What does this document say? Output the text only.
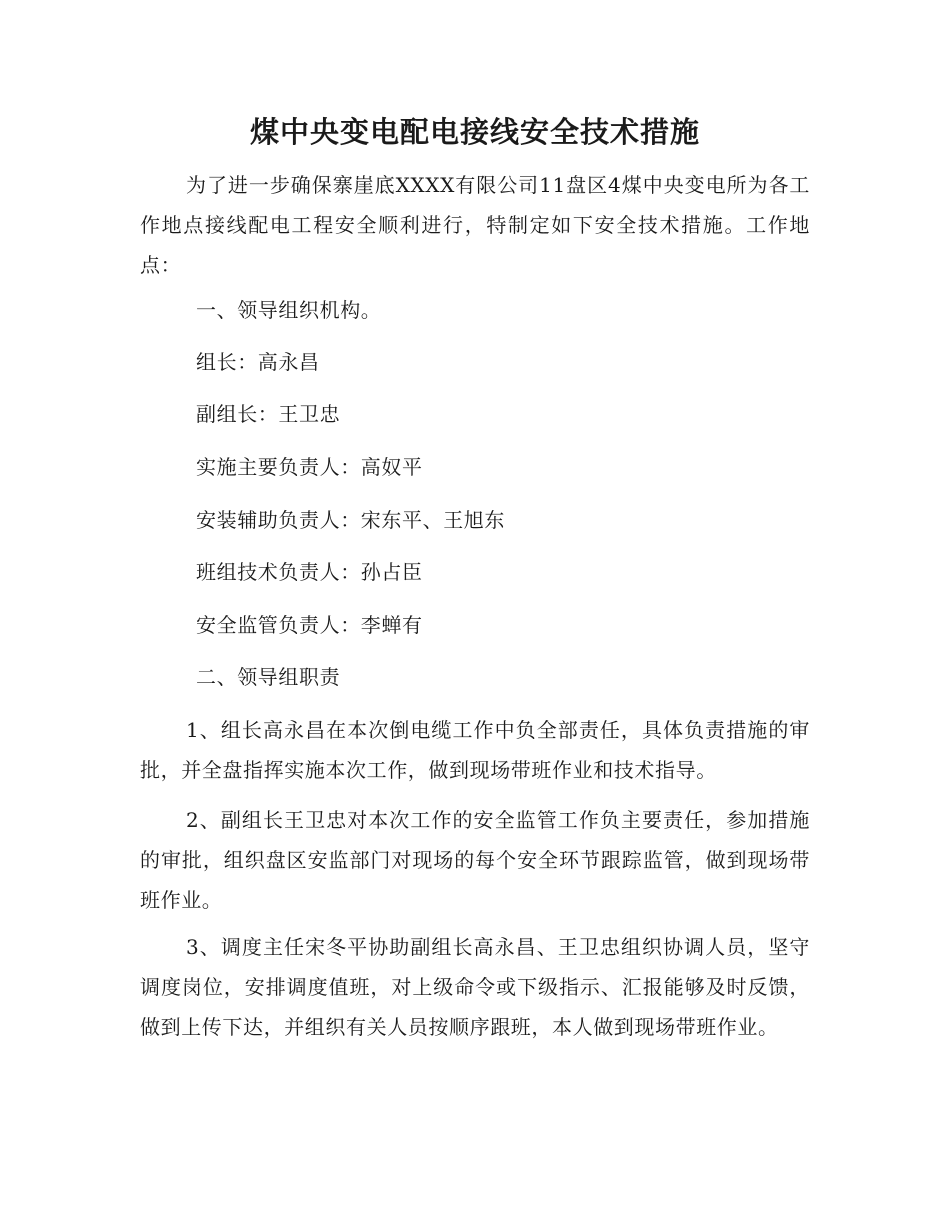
煤中央变电配电接线安全技术措施
为了进一步确保寨崖底XXXX有限公司11盘区4煤中央变电所为各工作地点接线配电工程安全顺利进行，特制定如下安全技术措施。工作地点：
一、领导组织机构。
组长：高永昌
副组长：王卫忠
实施主要负责人：高奴平
安装辅助负责人：宋东平、王旭东
班组技术负责人：孙占臣
安全监管负责人：李蝉有
二、领导组职责
1、组长高永昌在本次倒电缆工作中负全部责任，具体负责措施的审批，并全盘指挥实施本次工作，做到现场带班作业和技术指导。
2、副组长王卫忠对本次工作的安全监管工作负主要责任，参加措施的审批，组织盘区安监部门对现场的每个安全环节跟踪监管，做到现场带班作业。
3、调度主任宋冬平协助副组长高永昌、王卫忠组织协调人员，坚守调度岗位，安排调度值班，对上级命令或下级指示、汇报能够及时反馈，做到上传下达，并组织有关人员按顺序跟班，本人做到现场带班作业。
